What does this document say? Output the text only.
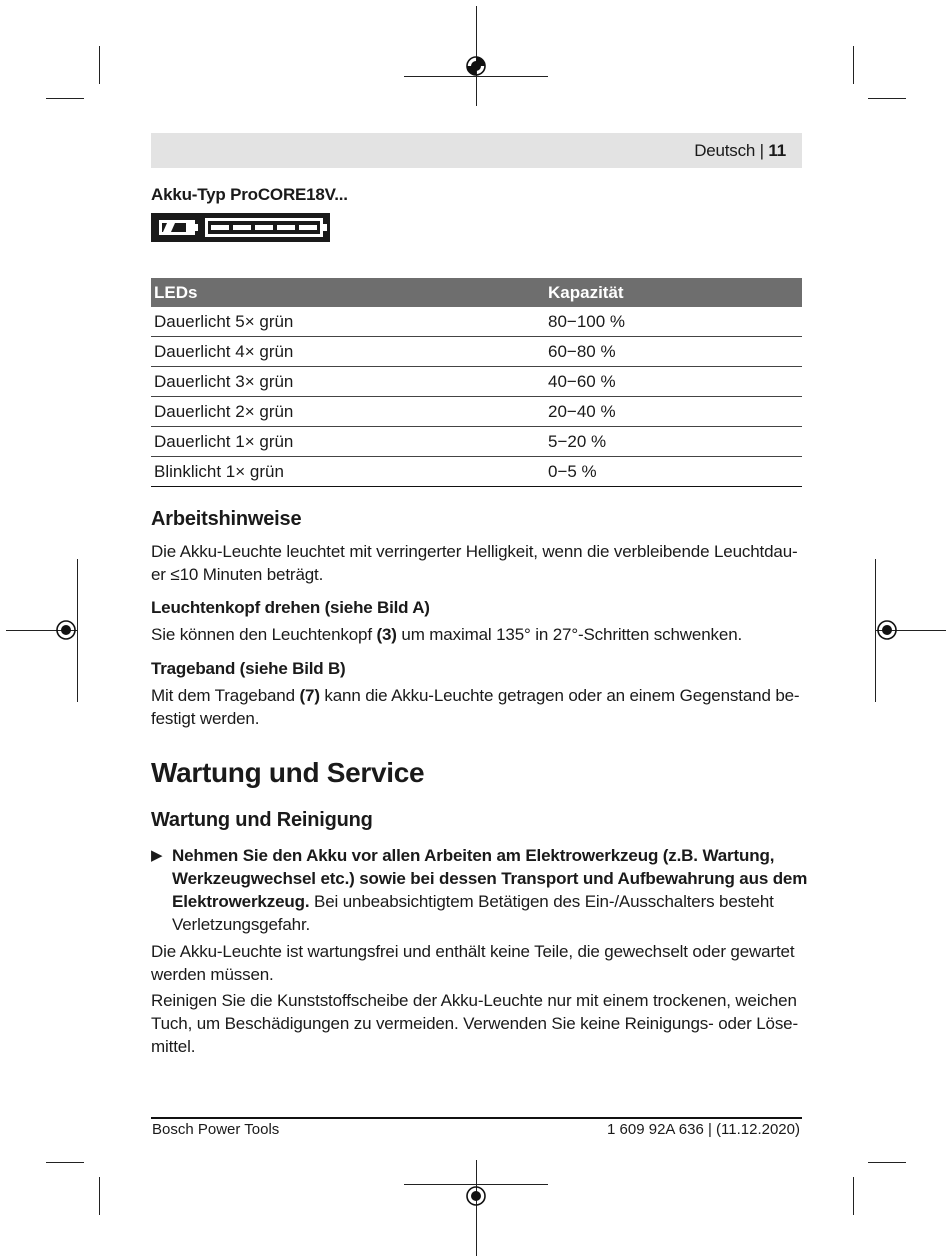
Deutsch | 11
Akku-Typ ProCORE18V...
LEDs	Kapazität
Dauerlicht 5× grün	80−100 %
Dauerlicht 4× grün	60−80 %
Dauerlicht 3× grün	40−60 %
Dauerlicht 2× grün	20−40 %
Dauerlicht 1× grün	5−20 %
Blinklicht 1× grün	0−5 %
Arbeitshinweise
Die Akku-Leuchte leuchtet mit verringerter Helligkeit, wenn die verbleibende Leuchtdau-
er ≤10 Minuten beträgt.
Leuchtenkopf drehen (siehe Bild A)
Sie können den Leuchtenkopf (3) um maximal 135° in 27°-Schritten schwenken.
Trageband (siehe Bild B)
Mit dem Trageband (7) kann die Akku-Leuchte getragen oder an einem Gegenstand be-
festigt werden.
Wartung und Service
Wartung und Reinigung
▶ Nehmen Sie den Akku vor allen Arbeiten am Elektrowerkzeug (z.B. Wartung,
Werkzeugwechsel etc.) sowie bei dessen Transport und Aufbewahrung aus dem
Elektrowerkzeug. Bei unbeabsichtigtem Betätigen des Ein-/Ausschalters besteht
Verletzungsgefahr.
Die Akku-Leuchte ist wartungsfrei und enthält keine Teile, die gewechselt oder gewartet
werden müssen.
Reinigen Sie die Kunststoffscheibe der Akku-Leuchte nur mit einem trockenen, weichen
Tuch, um Beschädigungen zu vermeiden. Verwenden Sie keine Reinigungs- oder Löse-
mittel.
Bosch Power Tools	1 609 92A 636 | (11.12.2020)
